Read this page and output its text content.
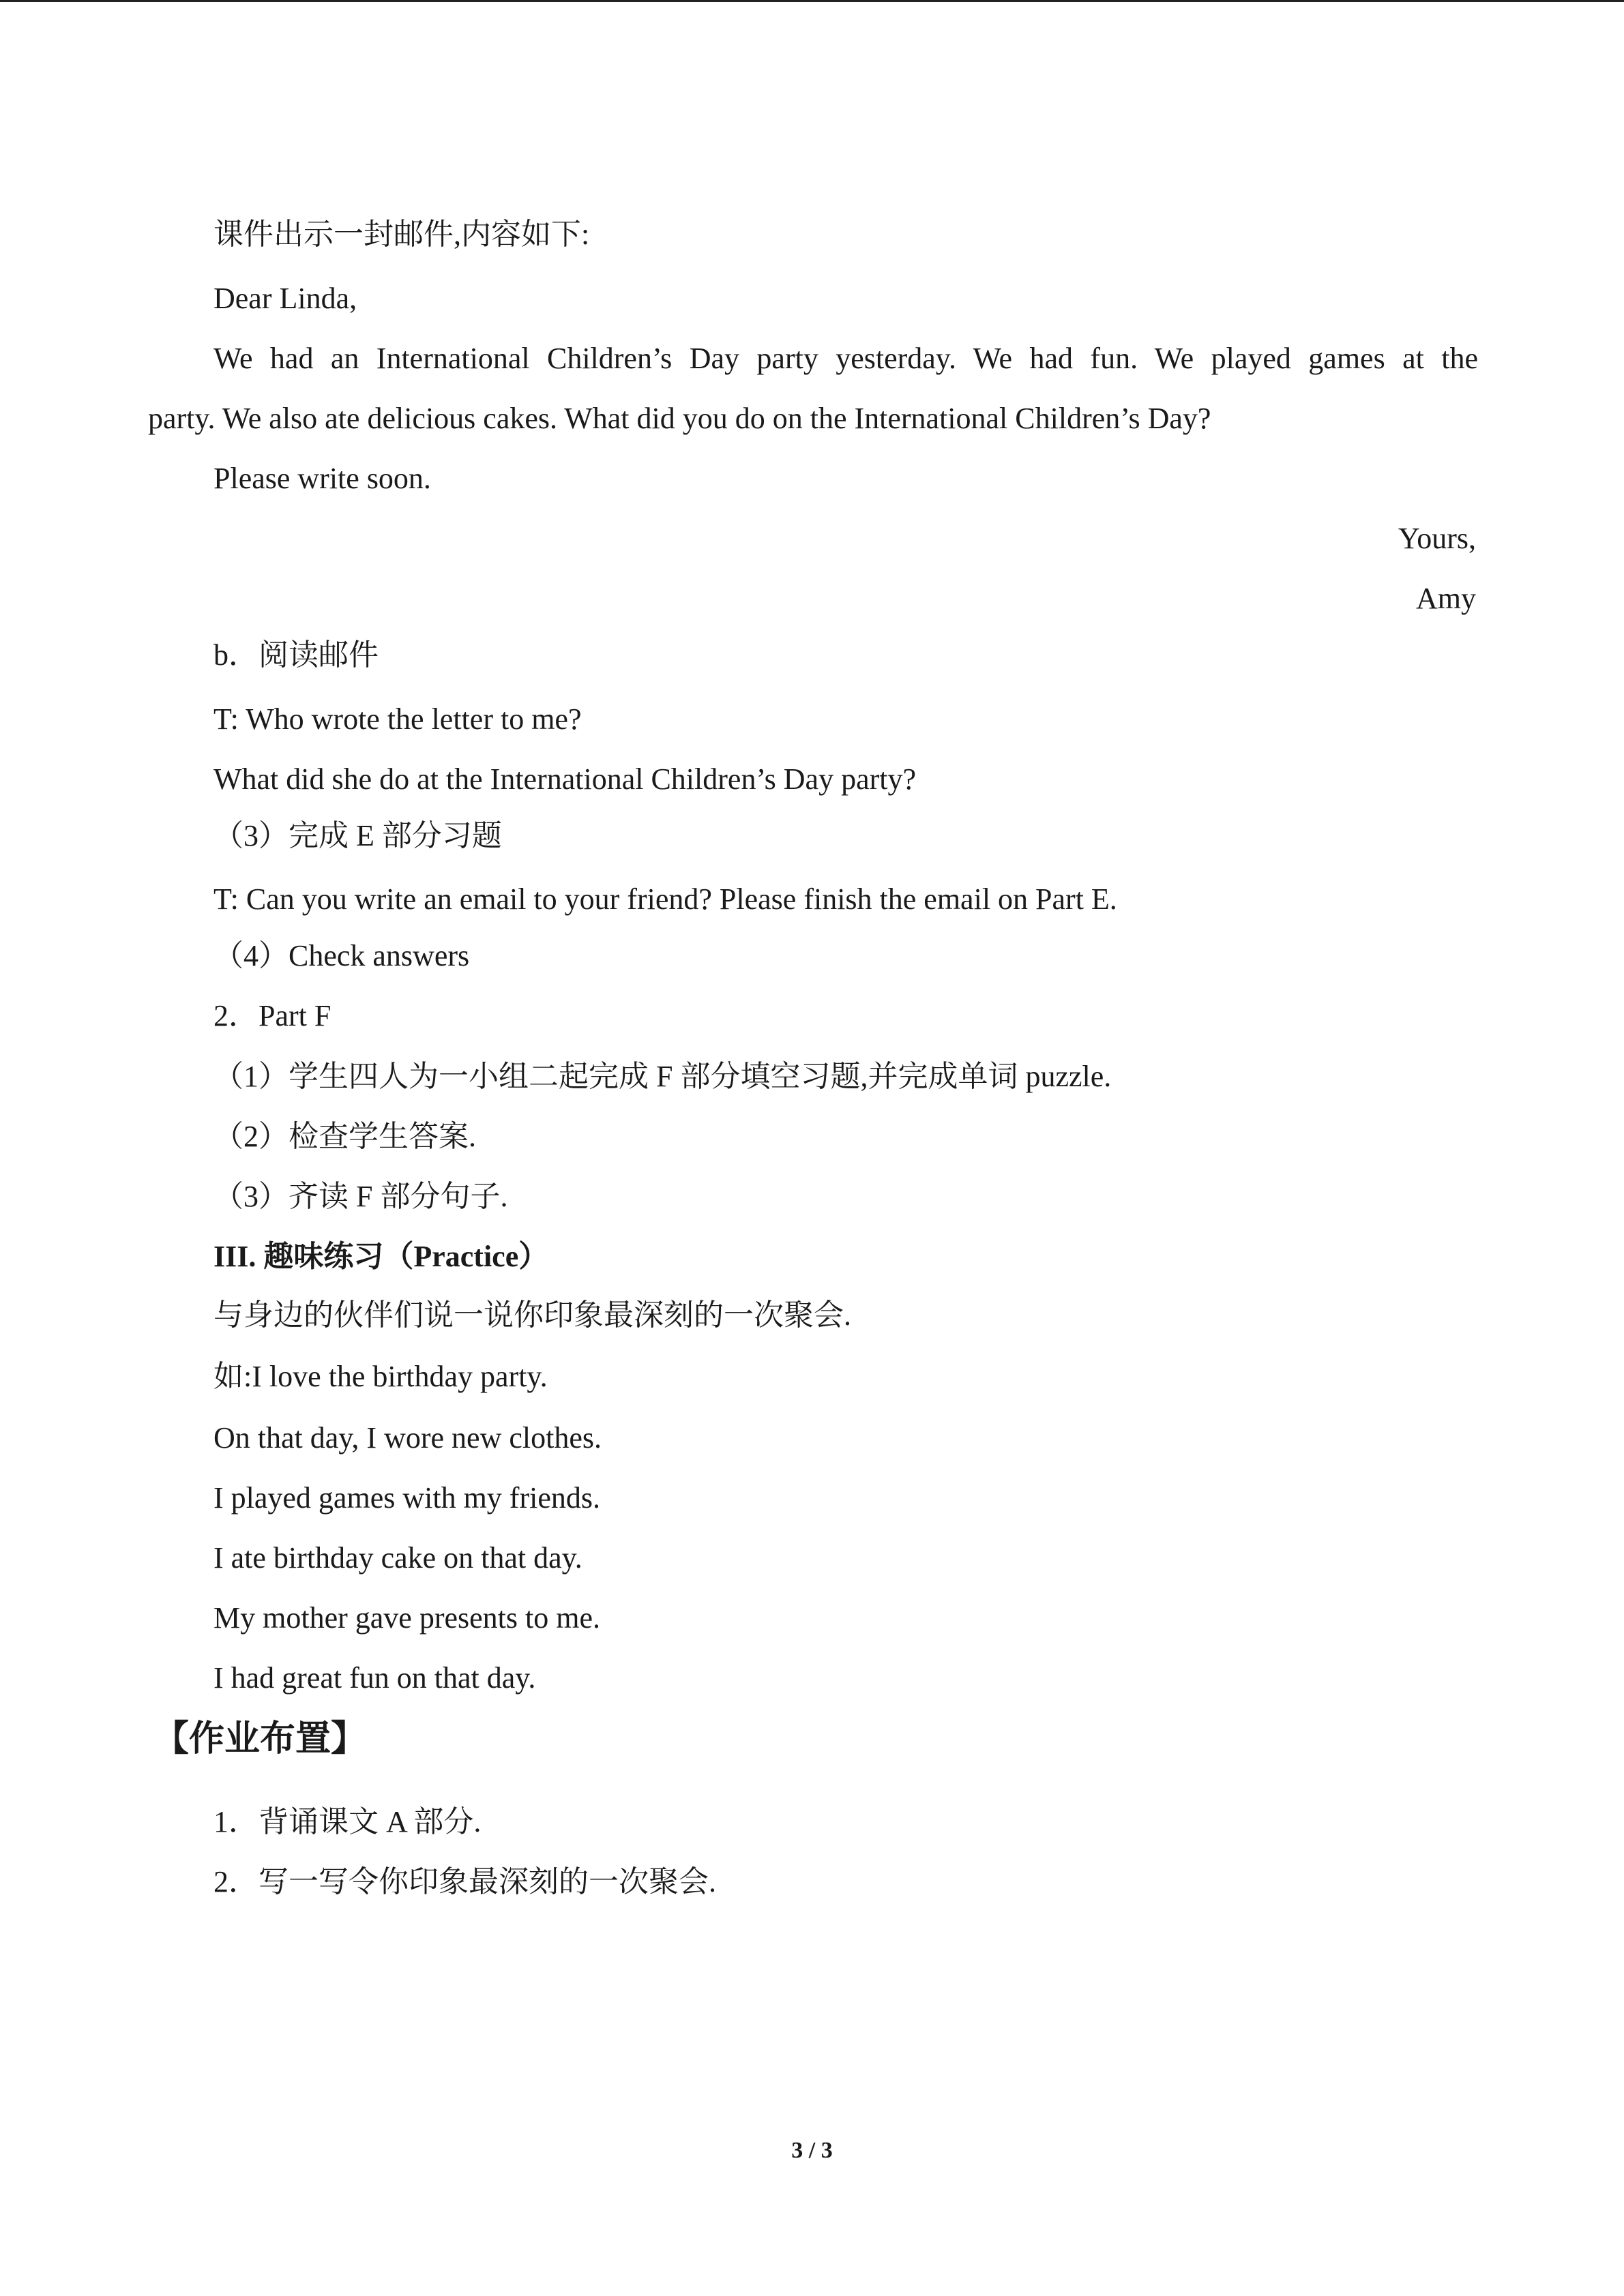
课件出示一封邮件,内容如下:
Dear Linda,
We had an International Children’s Day party yesterday. We had fun. We played games at the
party. We also ate delicious cakes. What did you do on the International Children’s Day?
Please write soon.
Yours,
Amy
b．阅读邮件
T: Who wrote the letter to me?
What did she do at the International Children’s Day party?
（3）完成 E 部分习题
T: Can you write an email to your friend? Please finish the email on Part E.
（4）Check answers
2．Part F
（1）学生四人为一小组二起完成 F 部分填空习题,并完成单词 puzzle.
（2）检查学生答案.
（3）齐读 F 部分句子.
III. 趣味练习（Practice）
与身边的伙伴们说一说你印象最深刻的一次聚会.
如:I love the birthday party.
On that day, I wore new clothes.
I played games with my friends.
I ate birthday cake on that day.
My mother gave presents to me.
I had great fun on that day.
【作业布置】
1．背诵课文 A 部分.
2．写一写令你印象最深刻的一次聚会.
3 / 3
